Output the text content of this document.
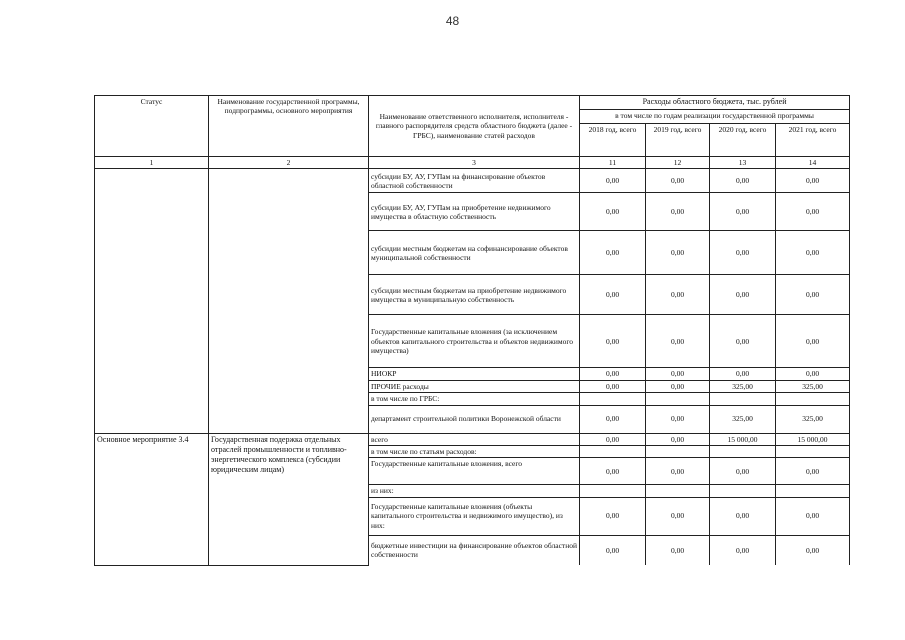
48
Статус	Наименование государственной программы, подпрограммы, основного мероприятия	Наименование ответственного исполнителя, исполнителя - главного распорядителя средств областного бюджета (далее - ГРБС), наименование статей расходов	Расходы областного бюджета, тыс. рублей			
			в том числе по годам реализации государственной программы			
			2018 год, всего	2019 год, всего	2020 год, всего	2021 год, всего
1	2	3	11	12	13	14
		субсидии БУ, АУ, ГУПам на финансирование объектов областной собственности	0,00	0,00	0,00	0,00
		субсидии БУ, АУ, ГУПам на приобретение недвижимого имущества в областную собственность	0,00	0,00	0,00	0,00
		субсидии местным бюджетам на софинансирование объектов муниципальной собственности	0,00	0,00	0,00	0,00
		субсидии местным бюджетам на приобретение недвижимого имущества в муниципальную собственность	0,00	0,00	0,00	0,00
		Государственные капитальные вложения (за исключением объектов капитального строительства и объектов недвижимого имущества)	0,00	0,00	0,00	0,00
		НИОКР	0,00	0,00	0,00	0,00
		ПРОЧИЕ расходы	0,00	0,00	325,00	325,00
		в том числе по ГРБС:				
		департамент строительной политики Воронежской области	0,00	0,00	325,00	325,00
Основное мероприятие 3.4	Государственная подержка отдельных отраслей промышленности и топливно-энергетического комплекса (субсидии юридическим лицам)	всего	0,00	0,00	15 000,00	15 000,00
		в том числе по статьям расходов:				
		Государственные капитальные вложения, всего	0,00	0,00	0,00	0,00
		из них:				
		Государственные капитальные вложения (объекты капитального строительства и недвижимого имущество), из них:	0,00	0,00	0,00	0,00
		бюджетные инвестиции на финансирование объектов областной собственности	0,00	0,00	0,00	0,00
